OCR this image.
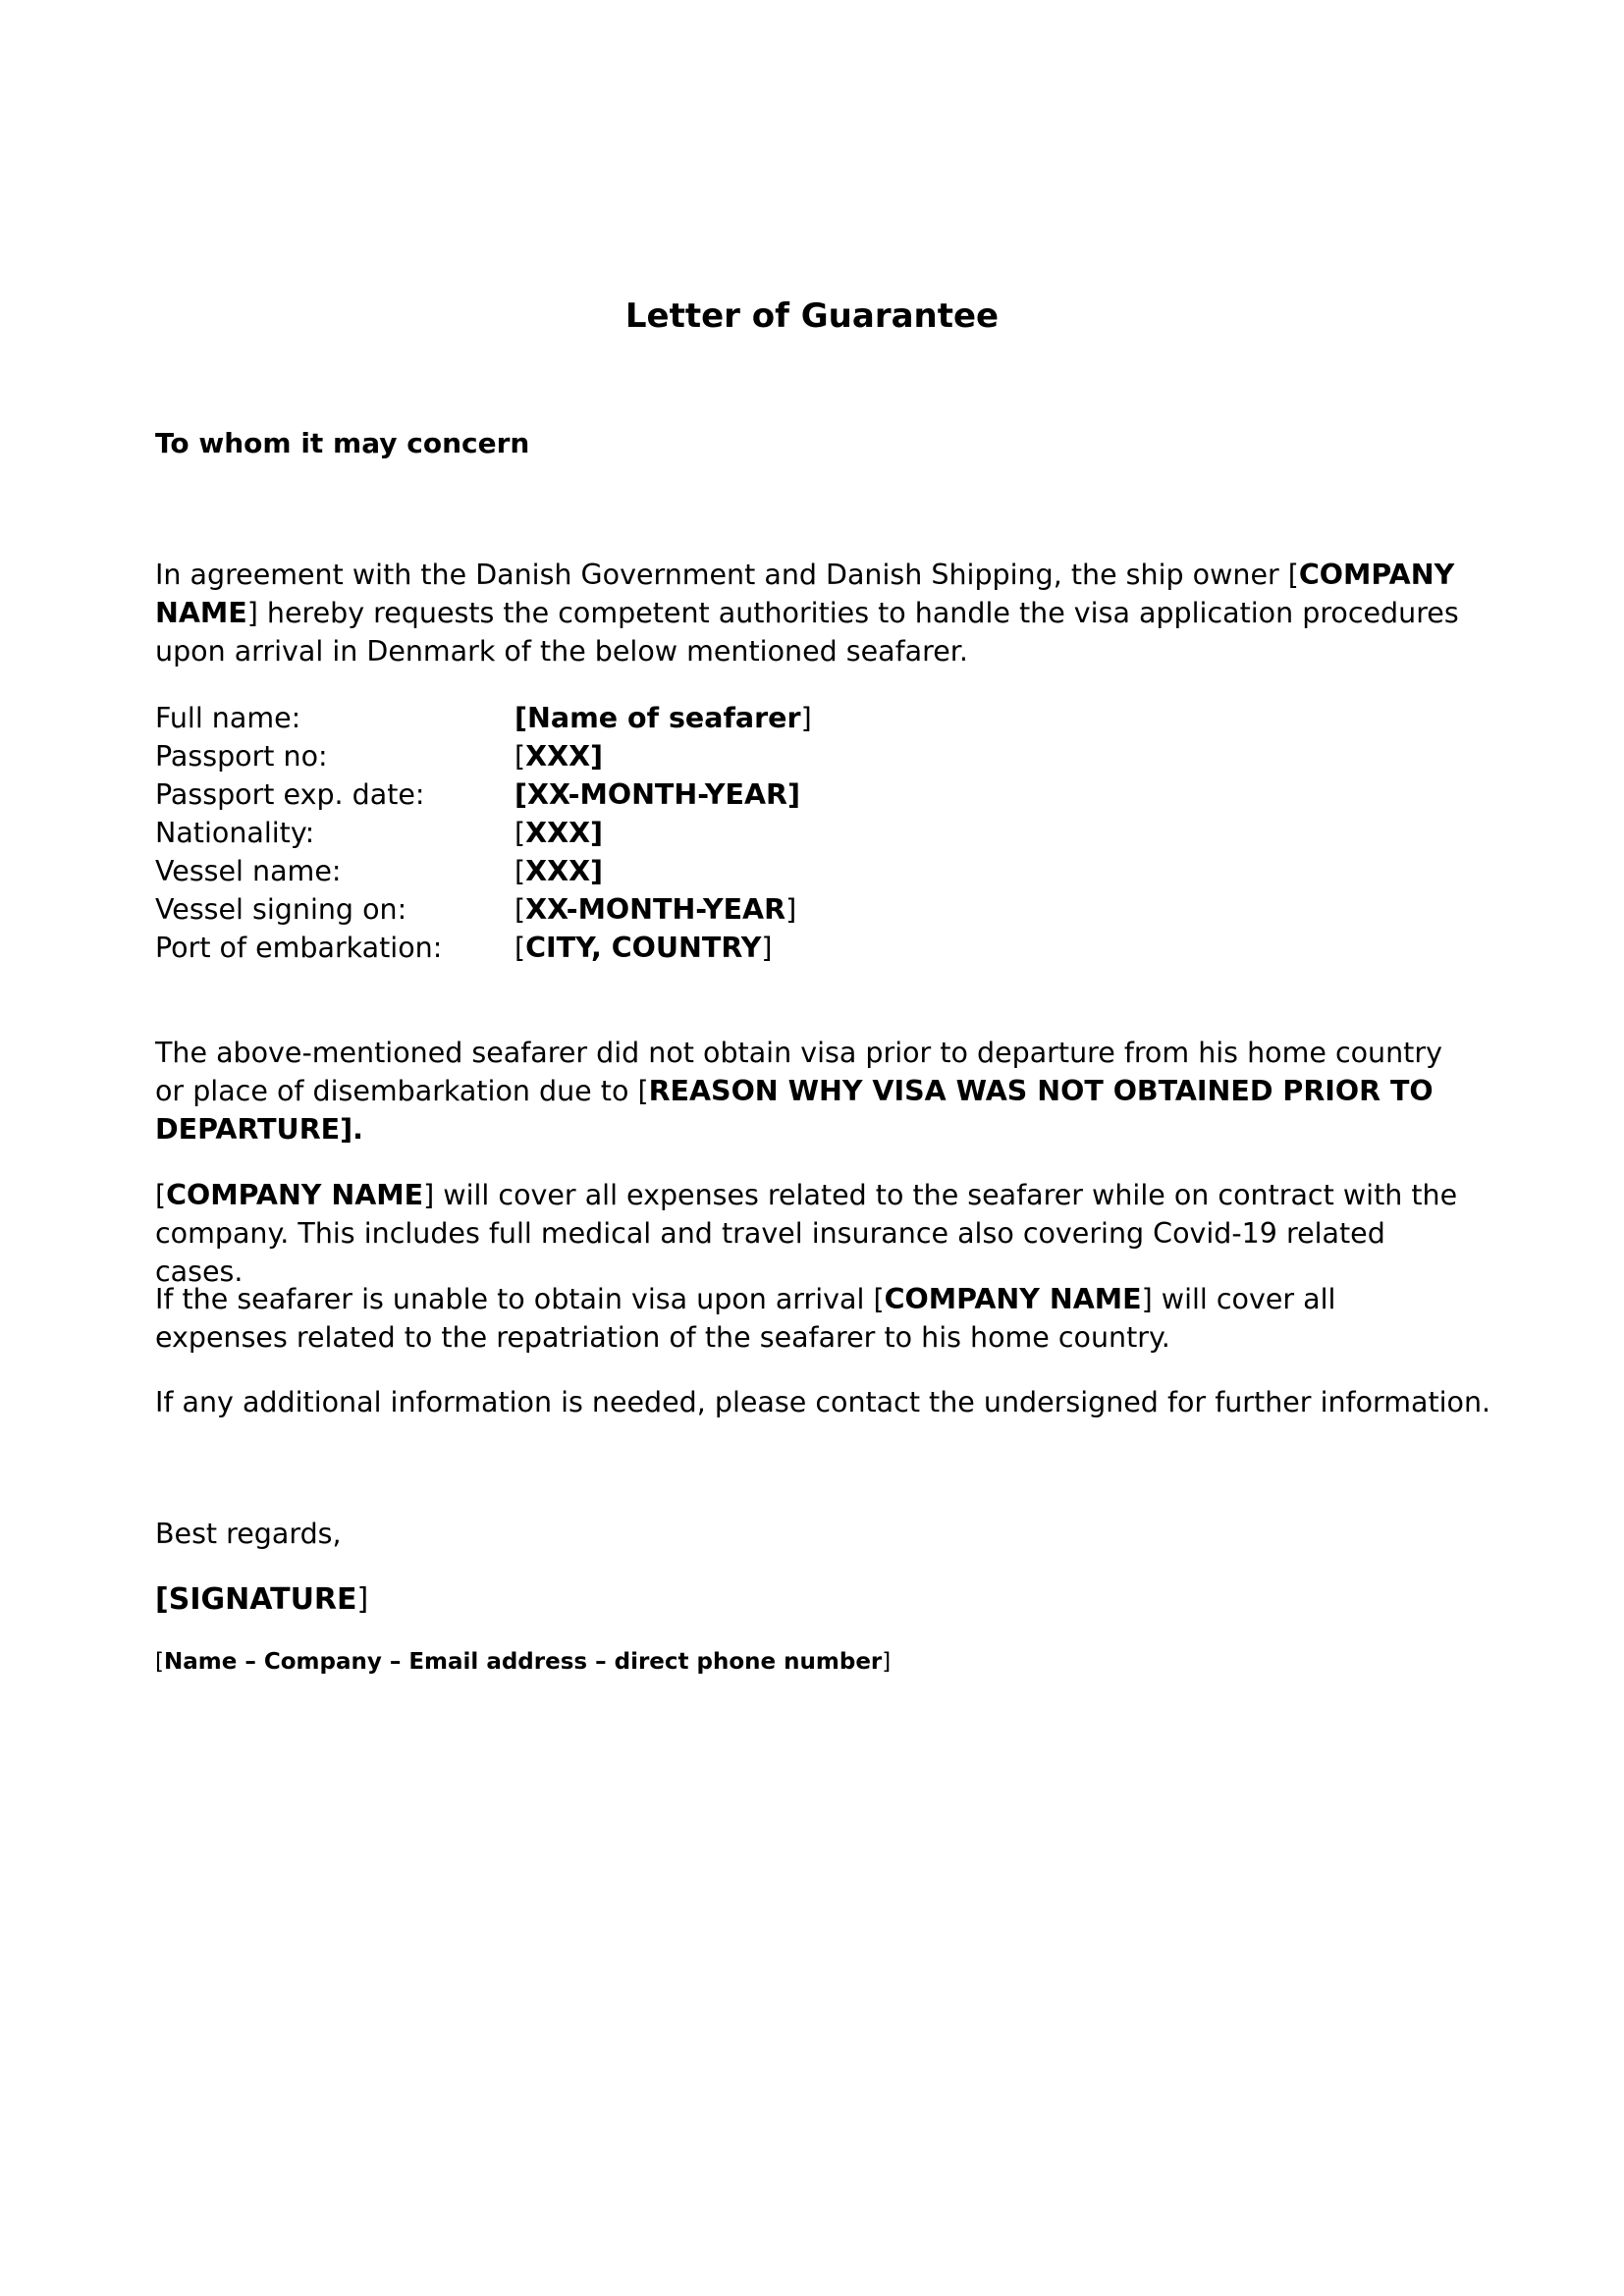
Letter of Guarantee
To whom it may concern
In agreement with the Danish Government and Danish Shipping, the ship owner [COMPANY NAME] hereby requests the competent authorities to handle the visa application procedures upon arrival in Denmark of the below mentioned seafarer.
Full name:	[Name of seafarer]
Passport no:	[XXX]
Passport exp. date:	[XX-MONTH-YEAR]
Nationality:	[XXX]
Vessel name:	[XXX]
Vessel signing on:	[XX-MONTH-YEAR]
Port of embarkation:	[CITY, COUNTRY]
The above-mentioned seafarer did not obtain visa prior to departure from his home country or place of disembarkation due to [REASON WHY VISA WAS NOT OBTAINED PRIOR TO DEPARTURE].
[COMPANY NAME] will cover all expenses related to the seafarer while on contract with the company. This includes full medical and travel insurance also covering Covid-19 related cases.
If the seafarer is unable to obtain visa upon arrival [COMPANY NAME] will cover all expenses related to the repatriation of the seafarer to his home country.
If any additional information is needed, please contact the undersigned for further information.
Best regards,
[SIGNATURE]
[Name – Company – Email address – direct phone number]
